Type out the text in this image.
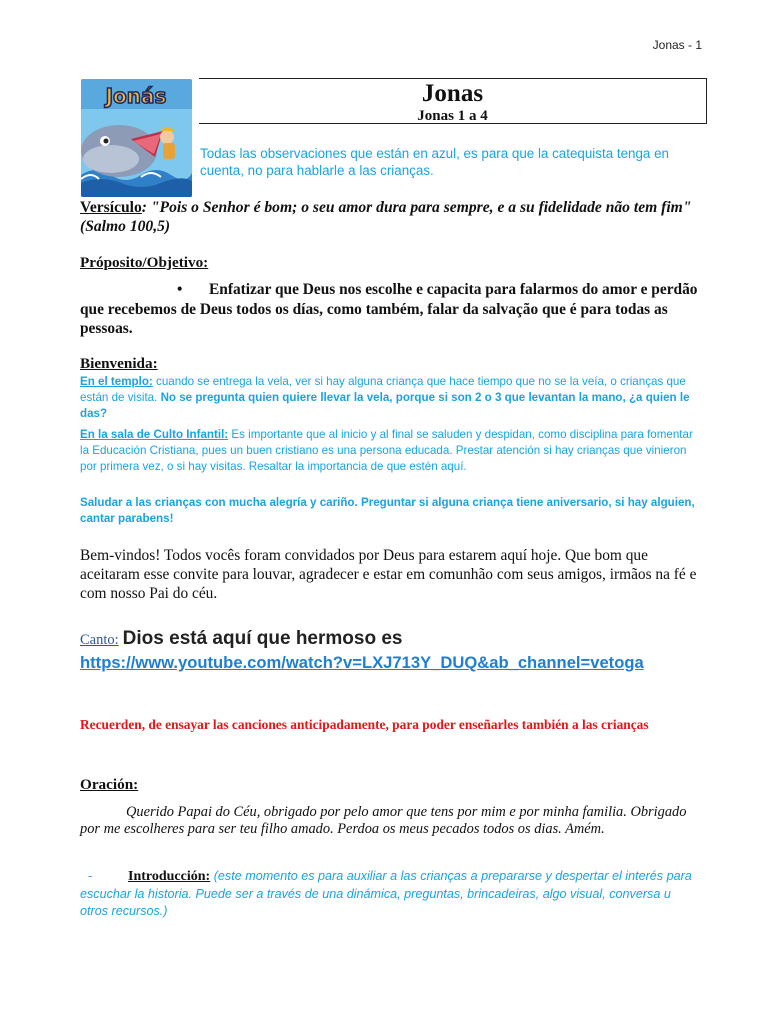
Jonas - 1
Jonás	Jonas
Jonas 1 a 4
Todas las observaciones que están en azul, es para que la catequista tenga en cuenta, no para hablarle a las crianças.
Versículo: "Pois o Senhor é bom; o seu amor dura para sempre, e a su fidelidade não tem fim" (Salmo 100,5)
Próposito/Objetivo:
• Enfatizar que Deus nos escolhe e capacita para falarmos do amor e perdão que recebemos de Deus todos os días, como também, falar da salvação que é para todas as pessoas.
Bienvenida:
En el templo: cuando se entrega la vela, ver si hay alguna criança que hace tiempo que no se la veía, o crianças que están de visita. No se pregunta quien quiere llevar la vela, porque si son 2 o 3 que levantan la mano, ¿a quien le das?
En la sala de Culto Infantil: Es importante que al inicio y al final se saluden y despidan, como disciplina para fomentar la Educación Cristiana, pues un buen cristiano es una persona educada. Prestar atención si hay crianças que vinieron por primera vez, o si hay visitas. Resaltar la importancia de que estén aquí.
Saludar a las crianças con mucha alegría y cariño. Preguntar si alguna criança tiene aniversario, si hay alguien, cantar parabens!
Bem-vindos! Todos vocês foram convidados por Deus para estarem aquí hoje. Que bom que aceitaram esse convite para louvar, agradecer e estar em comunhão com seus amigos, irmãos na fé e com nosso Pai do céu.
Canto: Dios está aquí que hermoso es
https://www.youtube.com/watch?v=LXJ713Y_DUQ&ab_channel=vetoga
Recuerden, de ensayar las canciones anticipadamente, para poder enseñarles también a las crianças
Oración:
Querido Papai do Céu, obrigado por pelo amor que tens por mim e por minha familia. Obrigado por me escolheres para ser teu filho amado. Perdoa os meus pecados todos os dias. Amém.
-	Introducción: (este momento es para auxiliar a las crianças a prepararse y despertar el interés para escuchar la historia. Puede ser a través de una dinámica, preguntas, brincadeiras, algo visual, conversa u otros recursos.)
